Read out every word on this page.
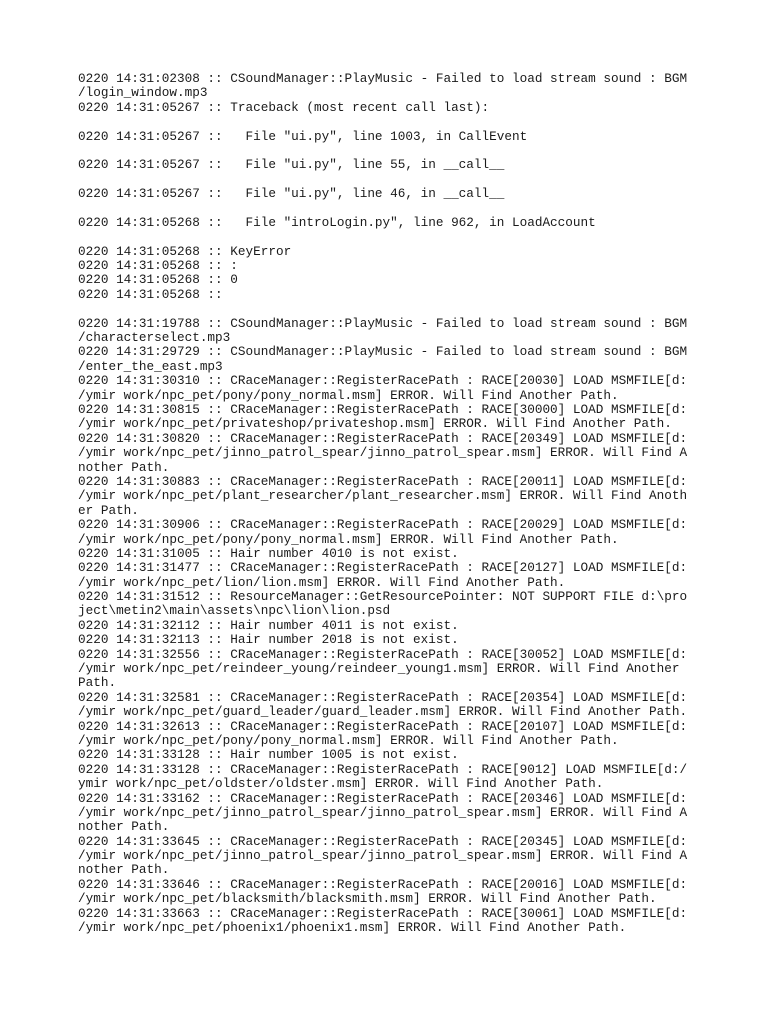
0220 14:31:02308 :: CSoundManager::PlayMusic - Failed to load stream sound : BGM
/login_window.mp3
0220 14:31:05267 :: Traceback (most recent call last):
0220 14:31:05267 ::   File "ui.py", line 1003, in CallEvent
0220 14:31:05267 ::   File "ui.py", line 55, in __call__
0220 14:31:05267 ::   File "ui.py", line 46, in __call__
0220 14:31:05268 ::   File "introLogin.py", line 962, in LoadAccount
0220 14:31:05268 :: KeyError
0220 14:31:05268 :: :
0220 14:31:05268 :: 0
0220 14:31:05268 ::
0220 14:31:19788 :: CSoundManager::PlayMusic - Failed to load stream sound : BGM
/characterselect.mp3
0220 14:31:29729 :: CSoundManager::PlayMusic - Failed to load stream sound : BGM
/enter_the_east.mp3
0220 14:31:30310 :: CRaceManager::RegisterRacePath : RACE[20030] LOAD MSMFILE[d:
/ymir work/npc_pet/pony/pony_normal.msm] ERROR. Will Find Another Path.
0220 14:31:30815 :: CRaceManager::RegisterRacePath : RACE[30000] LOAD MSMFILE[d:
/ymir work/npc_pet/privateshop/privateshop.msm] ERROR. Will Find Another Path.
0220 14:31:30820 :: CRaceManager::RegisterRacePath : RACE[20349] LOAD MSMFILE[d:
/ymir work/npc_pet/jinno_patrol_spear/jinno_patrol_spear.msm] ERROR. Will Find A
nother Path.
0220 14:31:30883 :: CRaceManager::RegisterRacePath : RACE[20011] LOAD MSMFILE[d:
/ymir work/npc_pet/plant_researcher/plant_researcher.msm] ERROR. Will Find Anoth
er Path.
0220 14:31:30906 :: CRaceManager::RegisterRacePath : RACE[20029] LOAD MSMFILE[d:
/ymir work/npc_pet/pony/pony_normal.msm] ERROR. Will Find Another Path.
0220 14:31:31005 :: Hair number 4010 is not exist.
0220 14:31:31477 :: CRaceManager::RegisterRacePath : RACE[20127] LOAD MSMFILE[d:
/ymir work/npc_pet/lion/lion.msm] ERROR. Will Find Another Path.
0220 14:31:31512 :: ResourceManager::GetResourcePointer: NOT SUPPORT FILE d:\pro
ject\metin2\main\assets\npc\lion\lion.psd
0220 14:31:32112 :: Hair number 4011 is not exist.
0220 14:31:32113 :: Hair number 2018 is not exist.
0220 14:31:32556 :: CRaceManager::RegisterRacePath : RACE[30052] LOAD MSMFILE[d:
/ymir work/npc_pet/reindeer_young/reindeer_young1.msm] ERROR. Will Find Another
Path.
0220 14:31:32581 :: CRaceManager::RegisterRacePath : RACE[20354] LOAD MSMFILE[d:
/ymir work/npc_pet/guard_leader/guard_leader.msm] ERROR. Will Find Another Path.
0220 14:31:32613 :: CRaceManager::RegisterRacePath : RACE[20107] LOAD MSMFILE[d:
/ymir work/npc_pet/pony/pony_normal.msm] ERROR. Will Find Another Path.
0220 14:31:33128 :: Hair number 1005 is not exist.
0220 14:31:33128 :: CRaceManager::RegisterRacePath : RACE[9012] LOAD MSMFILE[d:/
ymir work/npc_pet/oldster/oldster.msm] ERROR. Will Find Another Path.
0220 14:31:33162 :: CRaceManager::RegisterRacePath : RACE[20346] LOAD MSMFILE[d:
/ymir work/npc_pet/jinno_patrol_spear/jinno_patrol_spear.msm] ERROR. Will Find A
nother Path.
0220 14:31:33645 :: CRaceManager::RegisterRacePath : RACE[20345] LOAD MSMFILE[d:
/ymir work/npc_pet/jinno_patrol_spear/jinno_patrol_spear.msm] ERROR. Will Find A
nother Path.
0220 14:31:33646 :: CRaceManager::RegisterRacePath : RACE[20016] LOAD MSMFILE[d:
/ymir work/npc_pet/blacksmith/blacksmith.msm] ERROR. Will Find Another Path.
0220 14:31:33663 :: CRaceManager::RegisterRacePath : RACE[30061] LOAD MSMFILE[d:
/ymir work/npc_pet/phoenix1/phoenix1.msm] ERROR. Will Find Another Path.
